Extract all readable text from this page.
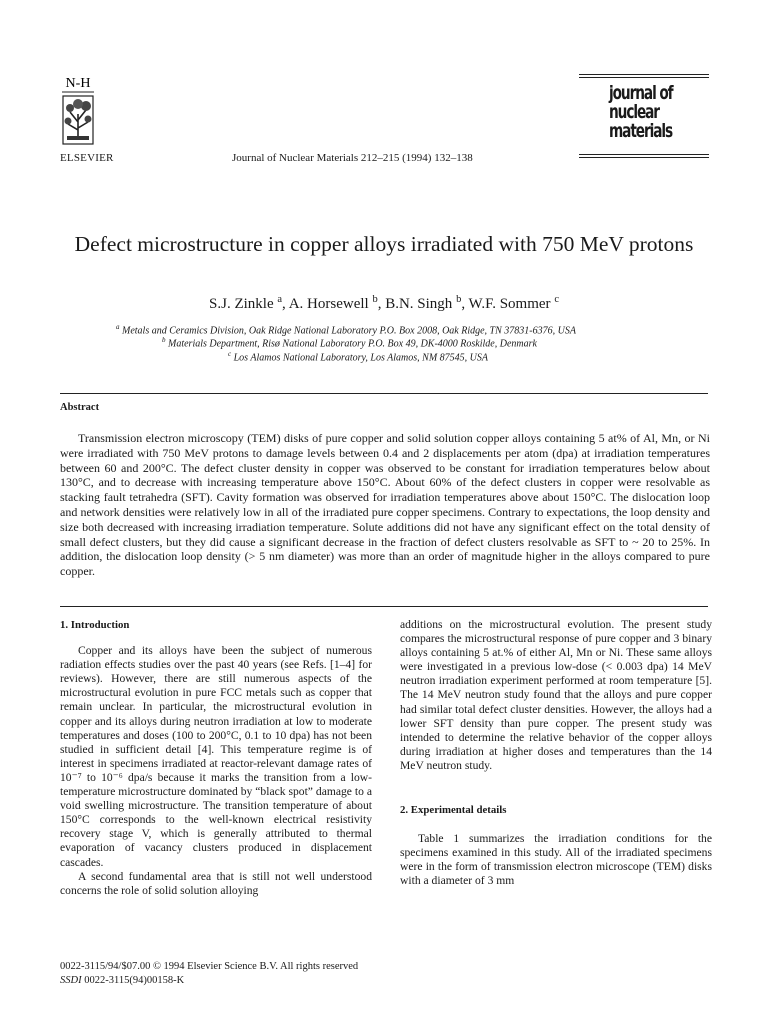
N-H
ELSEVIER	Journal of Nuclear Materials 212–215 (1994) 132–138
journal of
nuclear
materials
Defect microstructure in copper alloys irradiated with 750 MeV protons
S.J. Zinkle $^a$, A. Horsewell $^b$, B.N. Singh $^b$, W.F. Sommer $^c$
$^a$ Metals and Ceramics Division, Oak Ridge National Laboratory P.O. Box 2008, Oak Ridge, TN 37831-6376, USA
$^b$ Materials Department, Risø National Laboratory P.O. Box 49, DK-4000 Roskilde, Denmark
$^c$ Los Alamos National Laboratory, Los Alamos, NM 87545, USA
Abstract

Transmission electron microscopy (TEM) disks of pure copper and solid solution copper alloys containing 5 at% of Al, Mn, or Ni were irradiated with 750 MeV protons to damage levels between 0.4 and 2 displacements per atom (dpa) at irradiation temperatures between 60 and 200°C. The defect cluster density in copper was observed to be constant for irradiation temperatures below about 130°C, and to decrease with increasing temperature above 150°C. About 60% of the defect clusters in copper were resolvable as stacking fault tetrahedra (SFT). Cavity formation was observed for irradiation temperatures above about 150°C. The dislocation loop and network densities were relatively low in all of the irradiated pure copper specimens. Contrary to expectations, the loop density and size both decreased with increasing irradiation temperature. Solute additions did not have any significant effect on the total density of small defect clusters, but they did cause a significant decrease in the fraction of defect clusters resolvable as SFT to ~ 20 to 25%. In addition, the dislocation loop density (> 5 nm diameter) was more than an order of magnitude higher in the alloys compared to pure copper.

1. Introduction

Copper and its alloys have been the subject of numerous radiation effects studies over the past 40 years (see Refs. [1–4] for reviews). However, there are still numerous aspects of the microstructural evolution in pure FCC metals such as copper that remain unclear. In particular, the microstructural evolution in copper and its alloys during neutron irradiation at low to moderate temperatures and doses (100 to 200°C, 0.1 to 10 dpa) has not been studied in sufficient detail [4]. This temperature regime is of interest in specimens irradiated at reactor-relevant damage rates of 10⁻⁷ to 10⁻⁶ dpa/s because it marks the transition from a low-temperature microstructure dominated by “black spot” damage to a void swelling microstructure. The transition temperature of about 150°C corresponds to the well-known electrical resistivity recovery stage V, which is generally attributed to thermal evaporation of vacancy clusters produced in displacement cascades.

A second fundamental area that is still not well understood concerns the role of solid solution alloying

additions on the microstructural evolution. The present study compares the microstructural response of pure copper and 3 binary alloys containing 5 at.% of either Al, Mn or Ni. These same alloys were investigated in a previous low-dose (< 0.003 dpa) 14 MeV neutron irradiation experiment performed at room temperature [5]. The 14 MeV neutron study found that the alloys and pure copper had similar total defect cluster densities. However, the alloys had a lower SFT density than pure copper. The present study was intended to determine the relative behavior of the copper alloys during irradiation at higher doses and temperatures than the 14 MeV neutron study.

2. Experimental details

Table 1 summarizes the irradiation conditions for the specimens examined in this study. All of the irradiated specimens were in the form of transmission electron microscope (TEM) disks with a diameter of 3 mm

0022-3115/94/$07.00 © 1994 Elsevier Science B.V. All rights reserved
SSDI 0022-3115(94)00158-K
